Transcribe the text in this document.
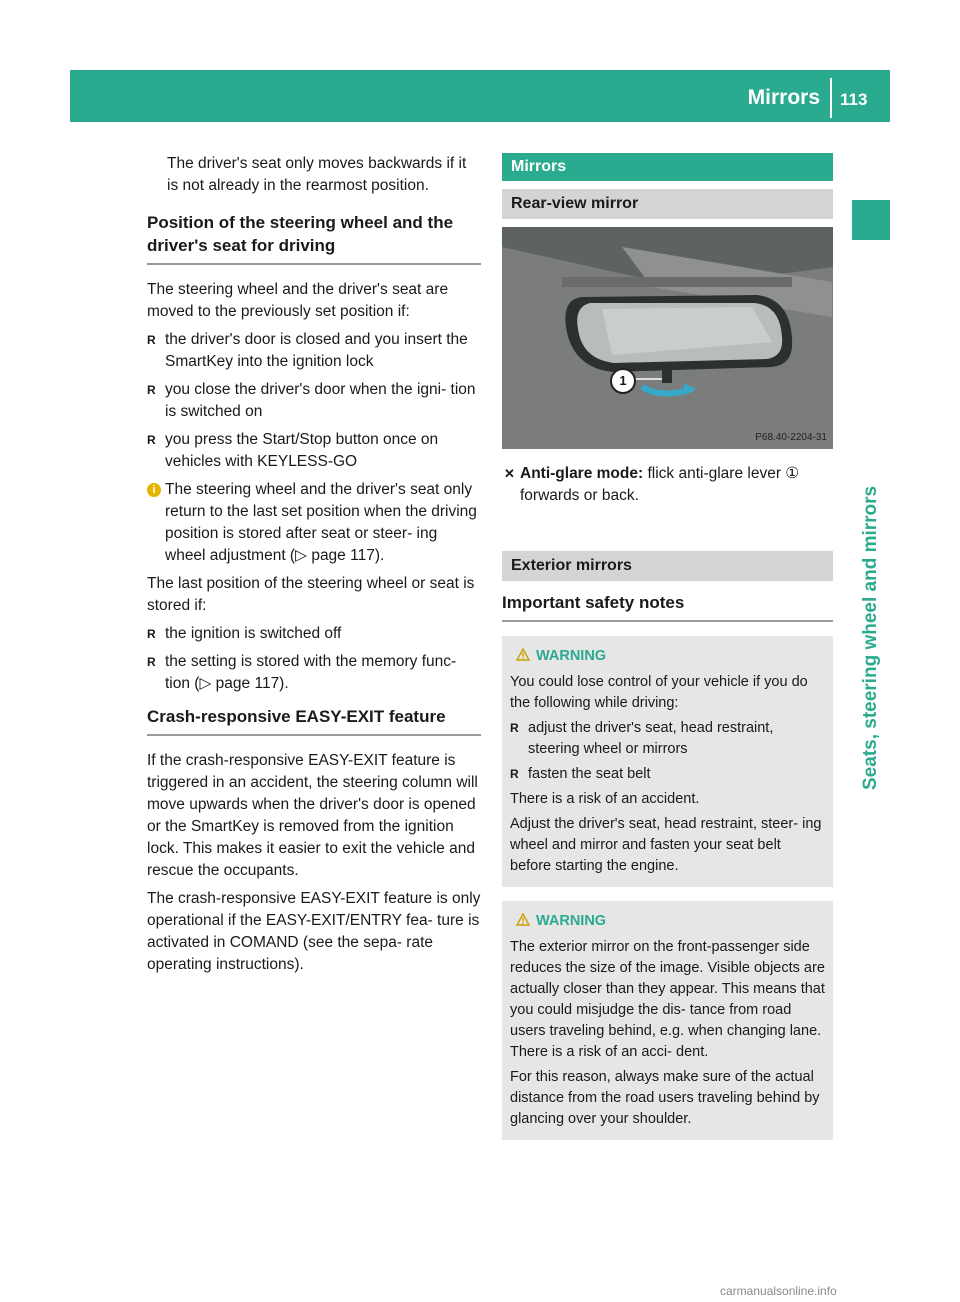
Mirrors 113
Seats, steering wheel and mirrors

The driver's seat only moves backwards if it is not already in the rearmost position.

Position of the steering wheel and the driver's seat for driving

The steering wheel and the driver's seat are moved to the previously set position if:

R the driver's door is closed and you insert the SmartKey into the ignition lock
R you close the driver's door when the igni- tion is switched on
R you press the Start/Stop button once on vehicles with KEYLESS-GO

i The steering wheel and the driver's seat only return to the last set position when the driving position is stored after seat or steer- ing wheel adjustment (▷ page 117).

The last position of the steering wheel or seat is stored if:

R the ignition is switched off
R the setting is stored with the memory func- tion (▷ page 117).

Crash-responsive EASY-EXIT feature

If the crash-responsive EASY-EXIT feature is triggered in an accident, the steering column will move upwards when the driver's door is opened or the SmartKey is removed from the ignition lock. This makes it easier to exit the vehicle and rescue the occupants.

The crash-responsive EASY-EXIT feature is only operational if the EASY-EXIT/ENTRY fea- ture is activated in COMAND (see the sepa- rate operating instructions).

Mirrors
Rear-view mirror
1
P68.40-2204-31

✕ Anti-glare mode: flick anti-glare lever ① forwards or back.

Exterior mirrors

Important safety notes

WARNING

You could lose control of your vehicle if you do the following while driving:

R adjust the driver's seat, head restraint, steering wheel or mirrors
R fasten the seat belt

There is a risk of an accident.

Adjust the driver's seat, head restraint, steer- ing wheel and mirror and fasten your seat belt before starting the engine.

WARNING

The exterior mirror on the front-passenger side reduces the size of the image. Visible objects are actually closer than they appear. This means that you could misjudge the dis- tance from road users traveling behind, e.g. when changing lane. There is a risk of an acci- dent.

For this reason, always make sure of the actual distance from the road users traveling behind by glancing over your shoulder.

carmanualsonline.info
